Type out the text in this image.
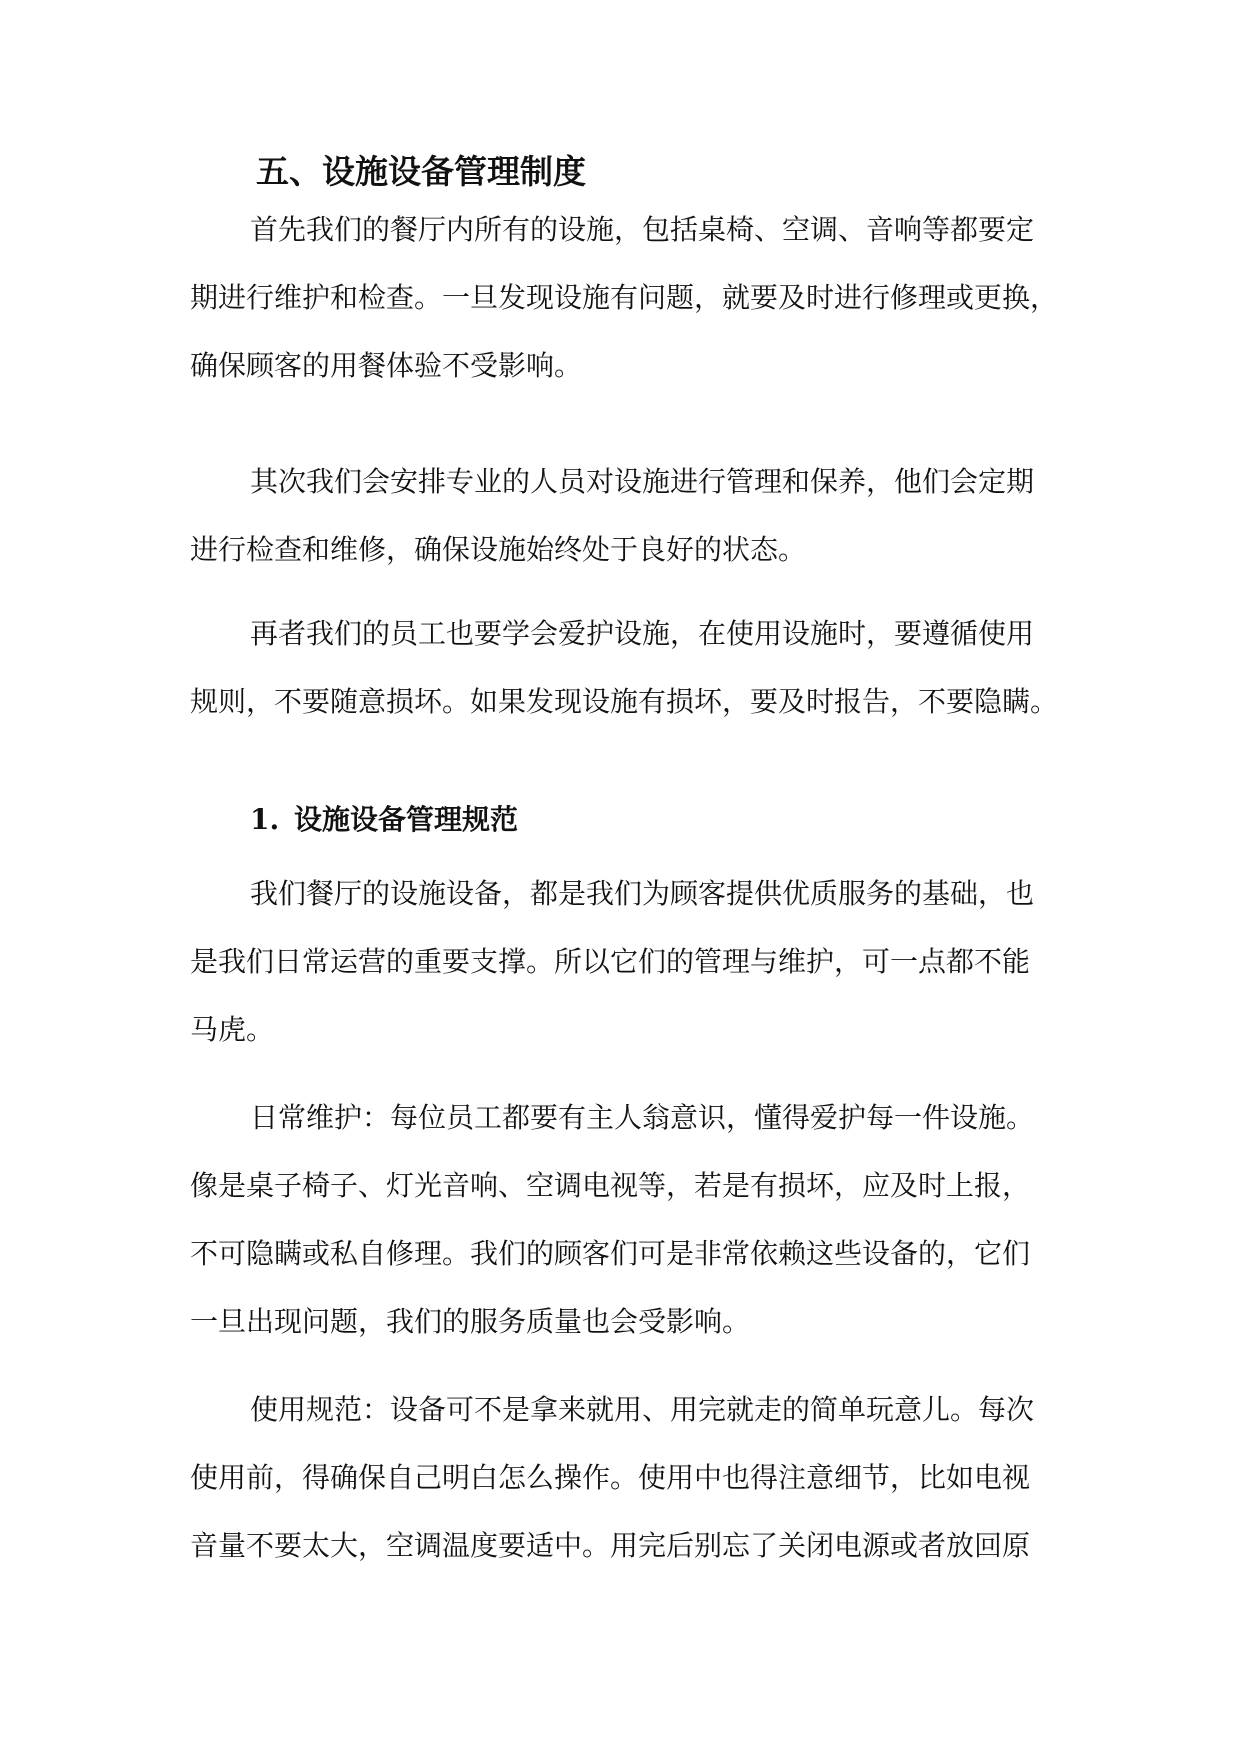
五、设施设备管理制度
首先我们的餐厅内所有的设施，包括桌椅、空调、音响等都要定
期进行维护和检查。一旦发现设施有问题，就要及时进行修理或更换，
确保顾客的用餐体验不受影响。
其次我们会安排专业的人员对设施进行管理和保养，他们会定期
进行检查和维修，确保设施始终处于良好的状态。
再者我们的员工也要学会爱护设施，在使用设施时，要遵循使用
规则，不要随意损坏。如果发现设施有损坏，要及时报告，不要隐瞒。
1. 设施设备管理规范
我们餐厅的设施设备，都是我们为顾客提供优质服务的基础，也
是我们日常运营的重要支撑。所以它们的管理与维护，可一点都不能
马虎。
日常维护：每位员工都要有主人翁意识，懂得爱护每一件设施。
像是桌子椅子、灯光音响、空调电视等，若是有损坏，应及时上报，
不可隐瞒或私自修理。我们的顾客们可是非常依赖这些设备的，它们
一旦出现问题，我们的服务质量也会受影响。
使用规范：设备可不是拿来就用、用完就走的简单玩意儿。每次
使用前，得确保自己明白怎么操作。使用中也得注意细节，比如电视
音量不要太大，空调温度要适中。用完后别忘了关闭电源或者放回原
